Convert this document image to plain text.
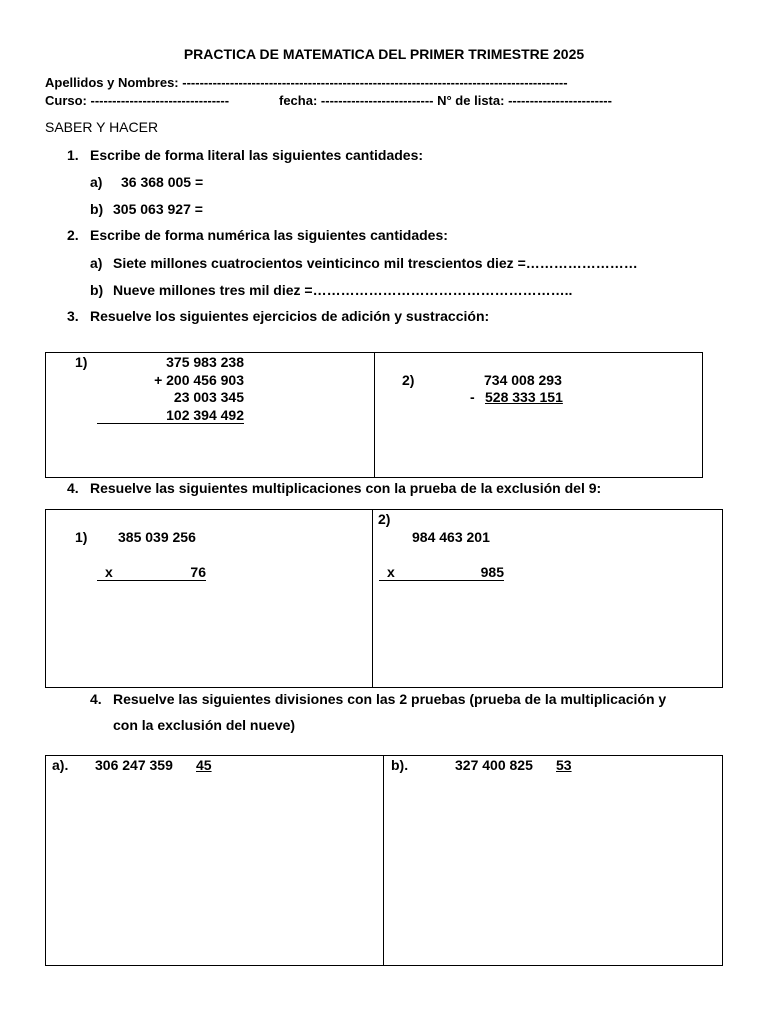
PRACTICA DE MATEMATICA DEL PRIMER TRIMESTRE 2025
Apellidos y Nombres: -----------------------------------------------------------------------------------------
Curso: --------------------------------	fecha: -------------------------- N° de lista: ------------------------
SABER Y HACER
1. Escribe de forma literal las siguientes cantidades:
a) 36 368 005 =
b) 305 063 927 =
2. Escribe de forma numérica las siguientes cantidades:
a) Siete millones cuatrocientos veinticinco mil trescientos diez =……………………
b) Nueve millones tres mil diez =………………………………………………..
3. Resuelve los siguientes ejercicios de adición y sustracción:
1)	375 983 238
+ 200 456 903
23 003 345
102 394 492
2)	734 008 293
- 528 333 151
4. Resuelve las siguientes multiplicaciones con la prueba de la exclusión del 9:
1) 385 039 256
x	76
2)
984 463 201
x	985
4. Resuelve las siguientes divisiones con las 2 pruebas (prueba de la multiplicación y
con la exclusión del nueve)
a). 306 247 359 45	b).	327 400 825 53
